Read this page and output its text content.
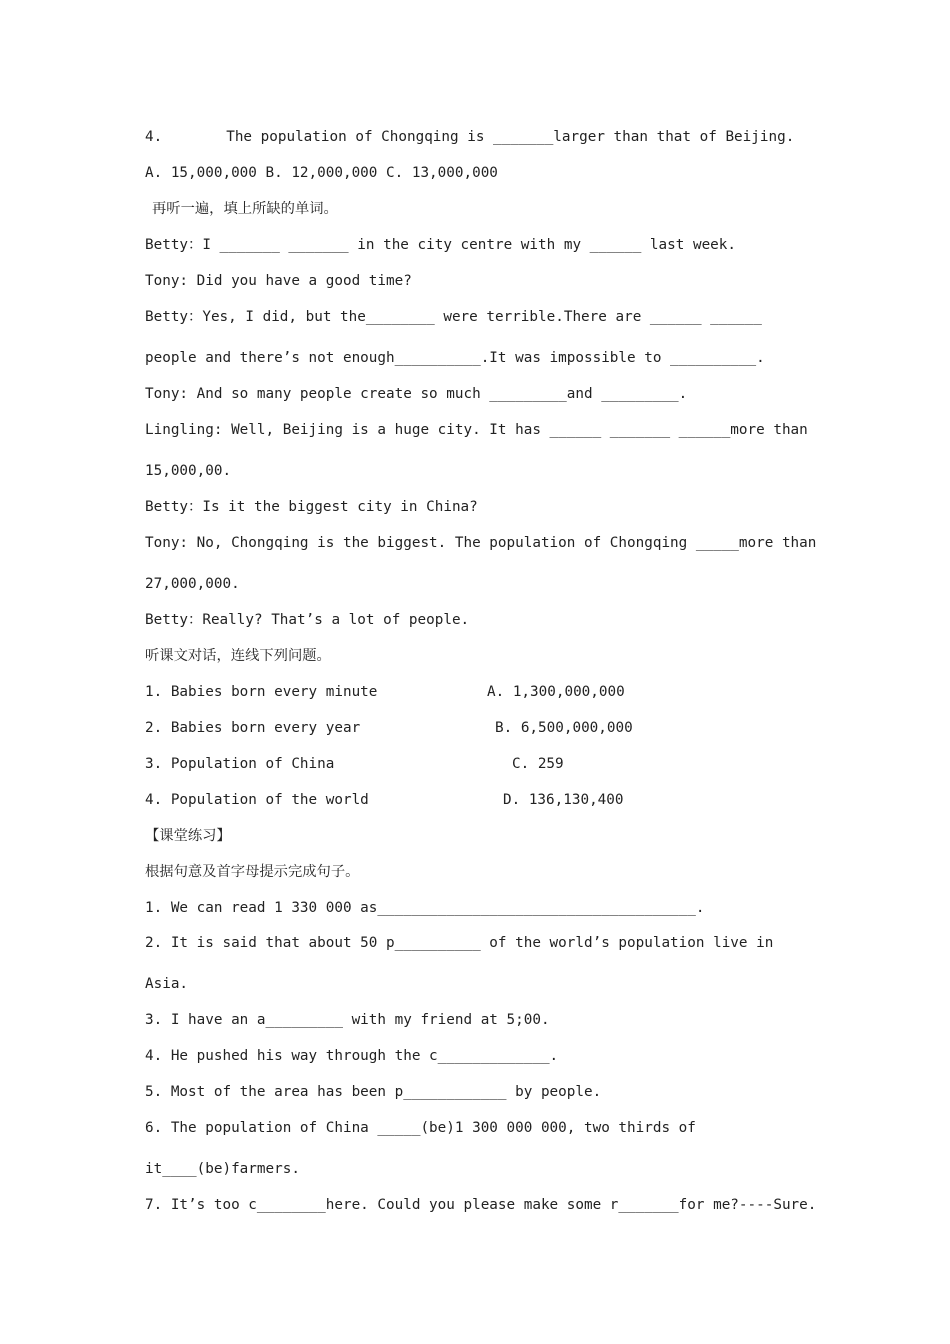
4.	The population of Chongqing is _______larger than that of Beijing.
A. 15,000,000 B. 12,000,000 C. 13,000,000
再听一遍，填上所缺的单词。
Betty：I _______ _______ in the city centre with my ______ last week.
Tony: Did you have a good time?
Betty：Yes, I did, but the________ were terrible.There are ______ ______
people and there’s not enough__________.It was impossible to __________.
Tony: And so many people create so much _________and _________.
Lingling: Well, Beijing is a huge city. It has ______ _______ ______more than
15,000,00.
Betty：Is it the biggest city in China?
Tony: No, Chongqing is the biggest. The population of Chongqing _____more than
27,000,000.
Betty：Really? That’s a lot of people.
听课文对话，连线下列问题。
1. Babies born every minute	A. 1,300,000,000
2. Babies born every year	B. 6,500,000,000
3. Population of China	C. 259
4. Population of the world	D. 136,130,400
【课堂练习】
根据句意及首字母提示完成句子。
1. We can read 1 330 000 as_____________________________________.
2. It is said that about 50 p__________ of the world’s population live in
Asia.
3. I have an a_________ with my friend at 5;00.
4. He pushed his way through the c_____________.
5. Most of the area has been p____________ by people.
6. The population of China _____(be)1 300 000 000, two thirds of
it____(be)farmers.
7. It’s too c________here. Could you please make some r_______for me?----Sure.
